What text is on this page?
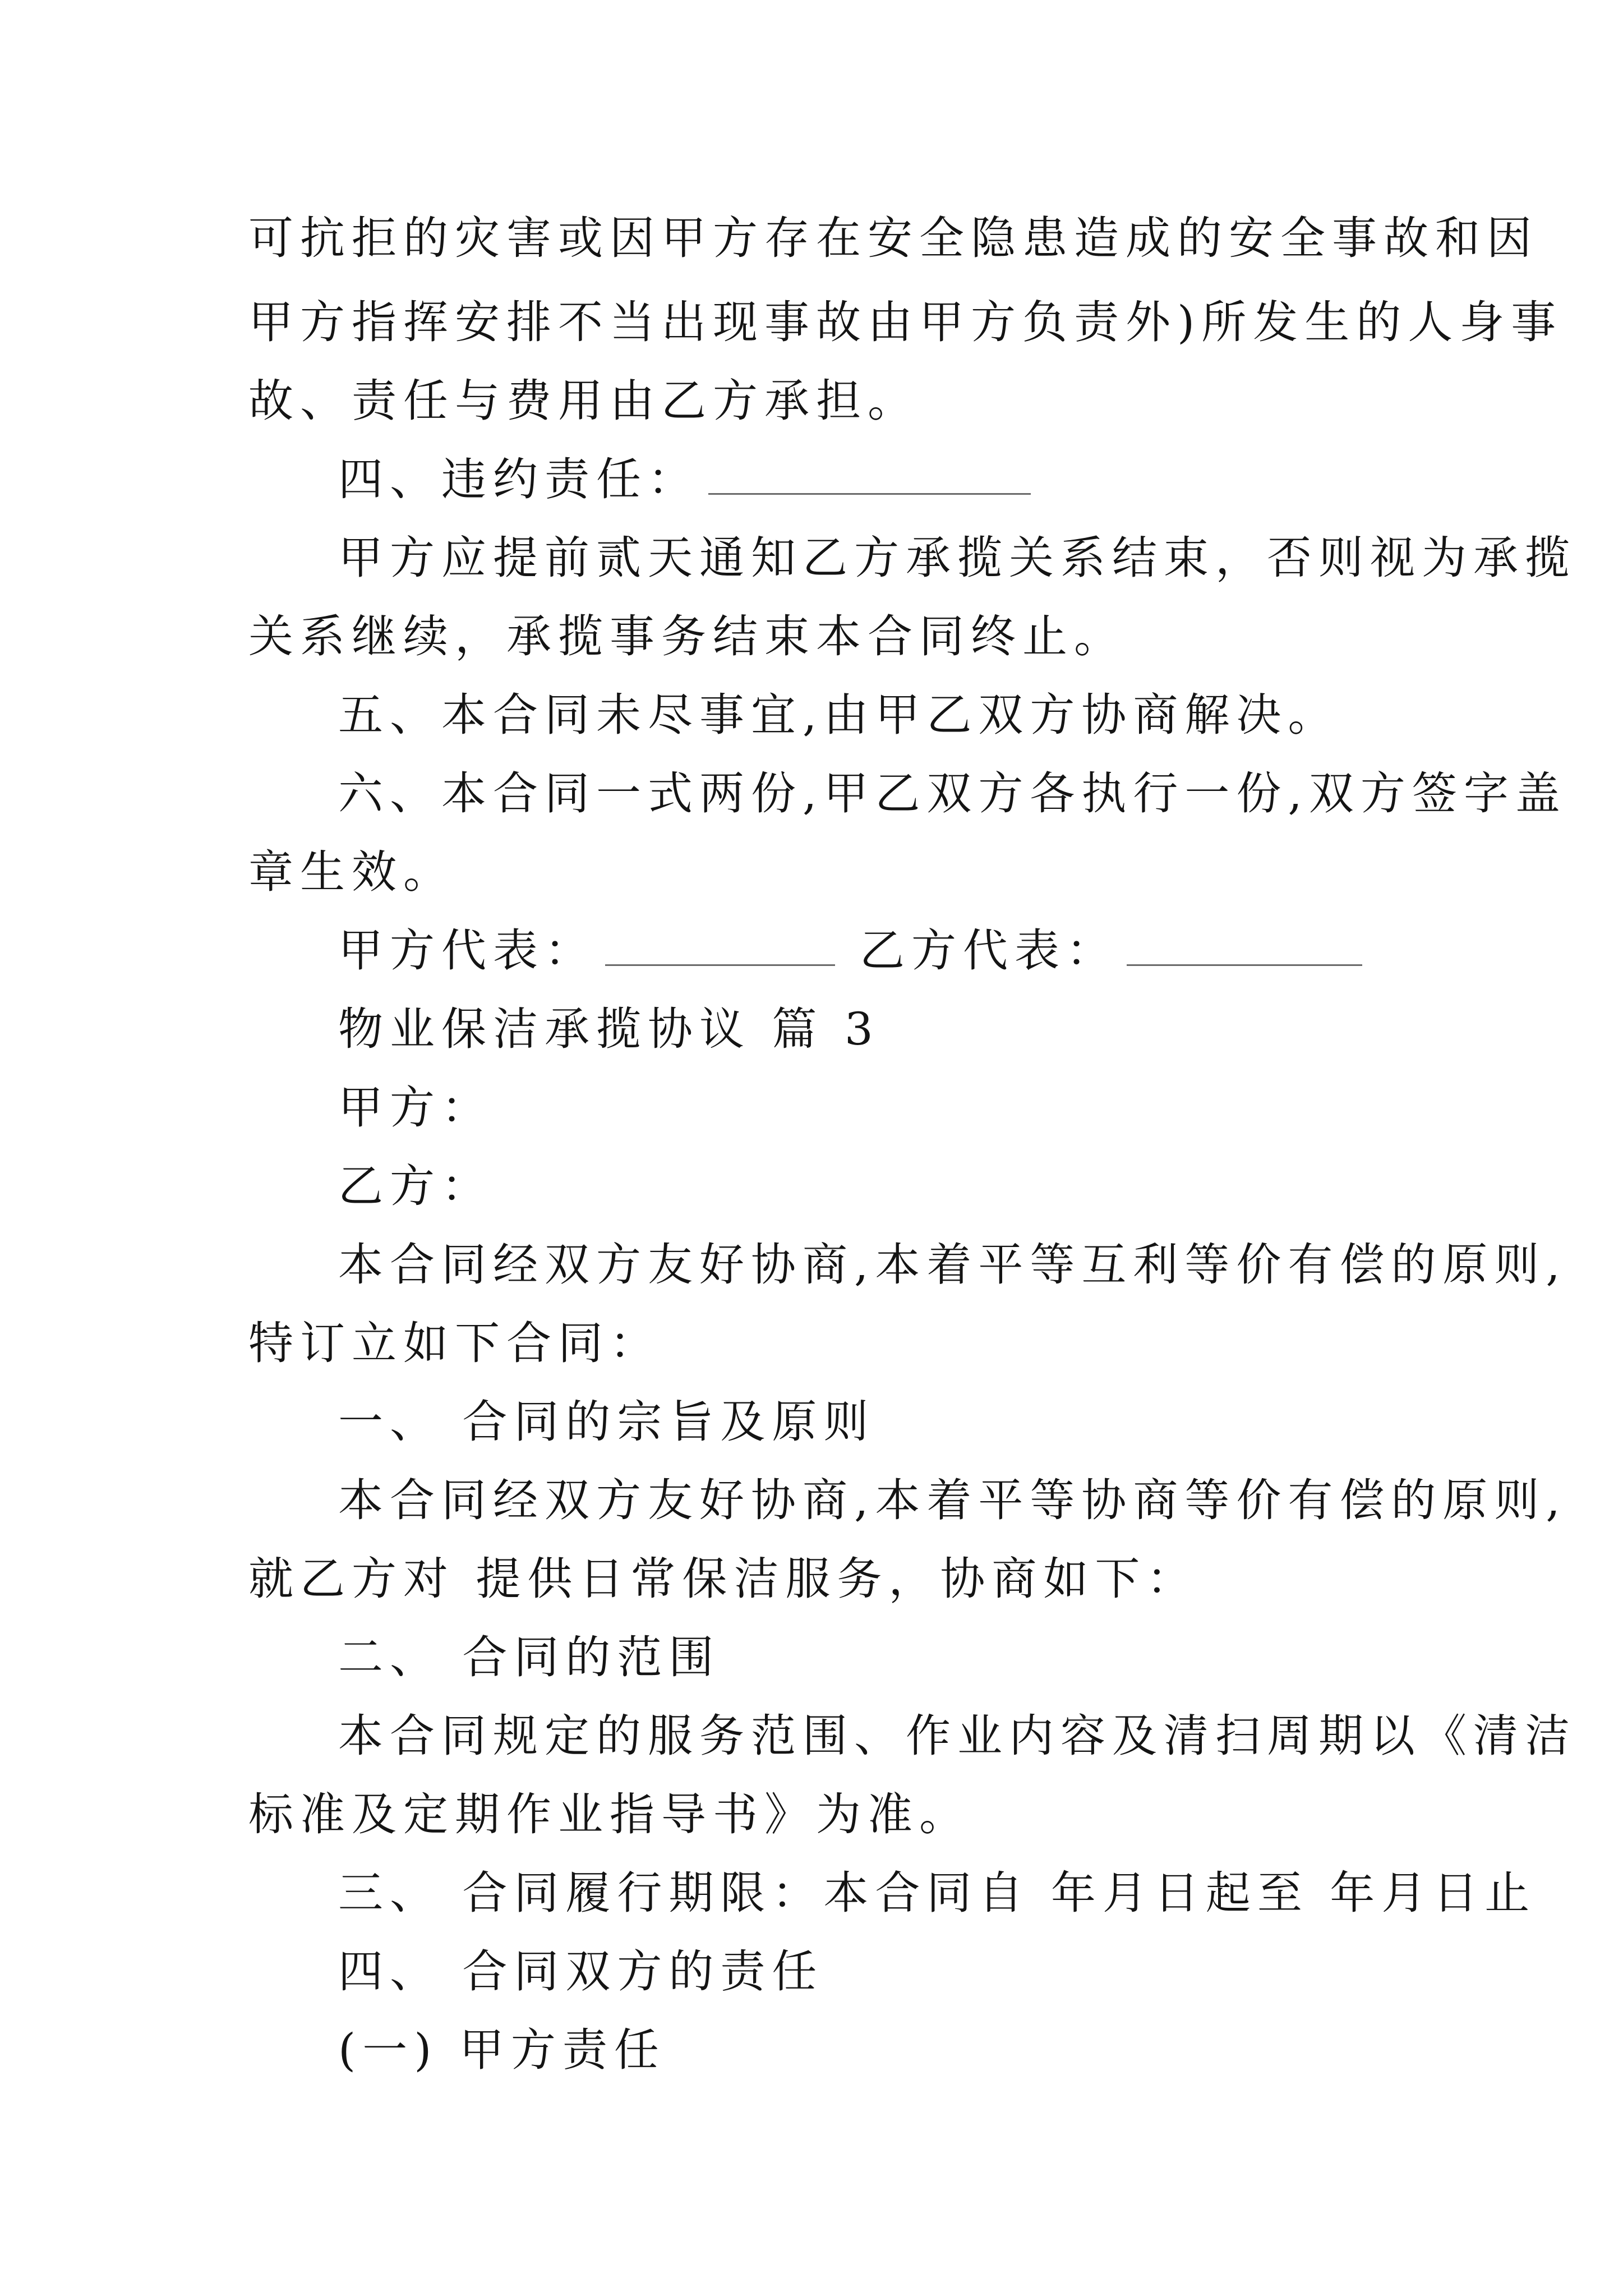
可抗拒的灾害或因甲方存在安全隐患造成的安全事故和因
甲方指挥安排不当出现事故由甲方负责外)所发生的人身事
故、责任与费用由乙方承担。
四、违约责任：
甲方应提前贰天通知乙方承揽关系结束，否则视为承揽
关系继续，承揽事务结束本合同终止。
五、本合同未尽事宜,由甲乙双方协商解决。
六、本合同一式两份,甲乙双方各执行一份,双方签字盖
章生效。
甲方代表：	乙方代表：
物业保洁承揽协议 篇 3
甲方：
乙方：
本合同经双方友好协商,本着平等互利等价有偿的原则,
特订立如下合同：
一、 合同的宗旨及原则
本合同经双方友好协商,本着平等协商等价有偿的原则,
就乙方对 提供日常保洁服务，协商如下：
二、 合同的范围
本合同规定的服务范围、作业内容及清扫周期以《清洁
标准及定期作业指导书》为准。
三、 合同履行期限：本合同自 年月日起至 年月日止
四、 合同双方的责任
(一) 甲方责任
